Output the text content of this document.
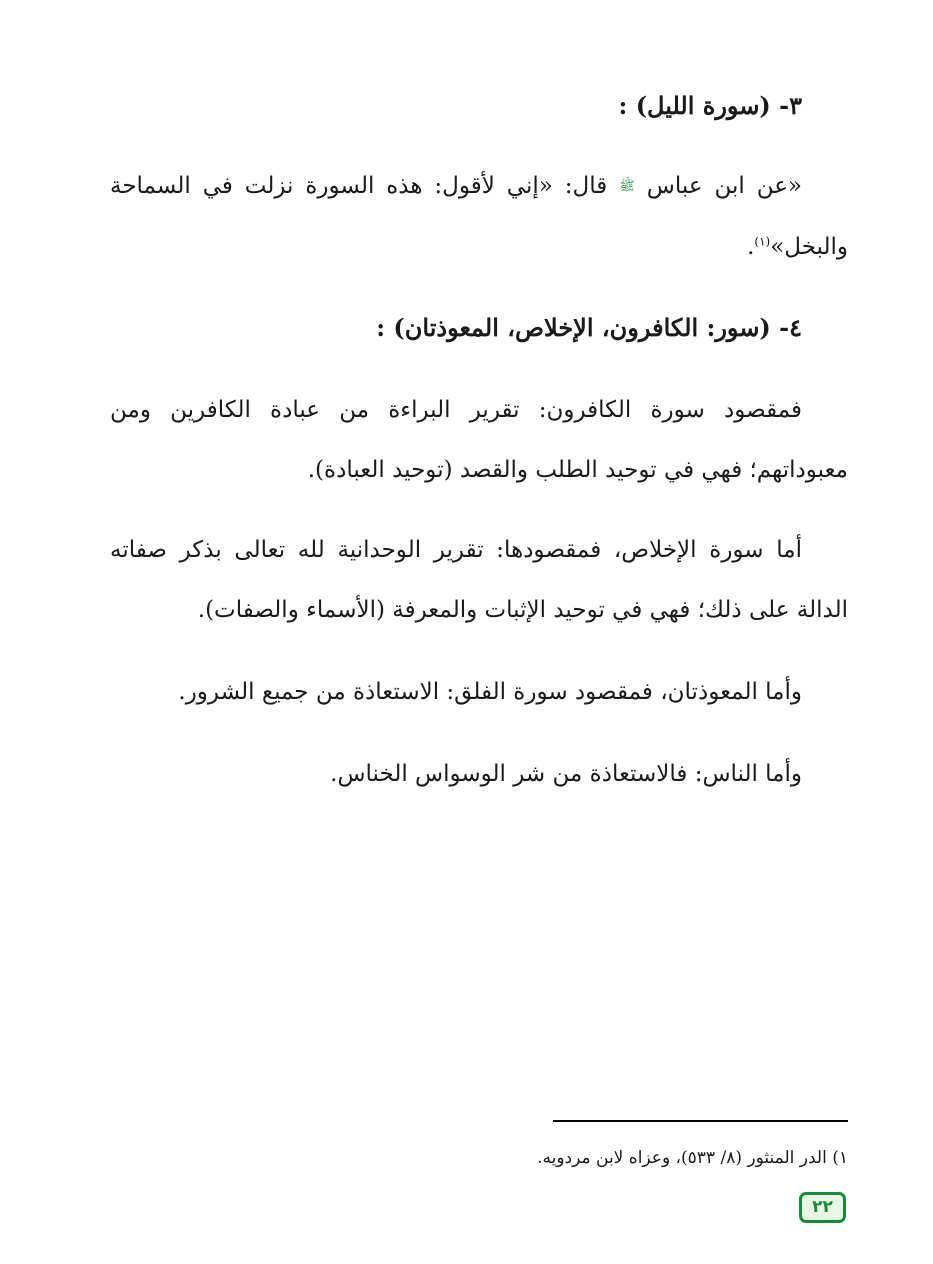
٣- (سورة الليل) :

«عن ابن عباس ﷺ قال: «إني لأقول: هذه السورة نزلت في السماحة والبخل»$^{(١)}$.

٤- (سور: الكافرون، الإخلاص، المعوذتان) :

فمقصود سورة الكافرون: تقرير البراءة من عبادة الكافرين ومن معبوداتهم؛ فهي في توحيد الطلب والقصد (توحيد العبادة).

أما سورة الإخلاص، فمقصودها: تقرير الوحدانية لله تعالى بذكر صفاته الدالة على ذلك؛ فهي في توحيد الإثبات والمعرفة (الأسماء والصفات).

وأما المعوذتان، فمقصود سورة الفلق: الاستعاذة من جميع الشرور.
وأما الناس: فالاستعاذة من شر الوسواس الخناس.
١) الدر المنثور (٨/ ٥٣٣)، وعزاه لابن مردويه.
٢٢
